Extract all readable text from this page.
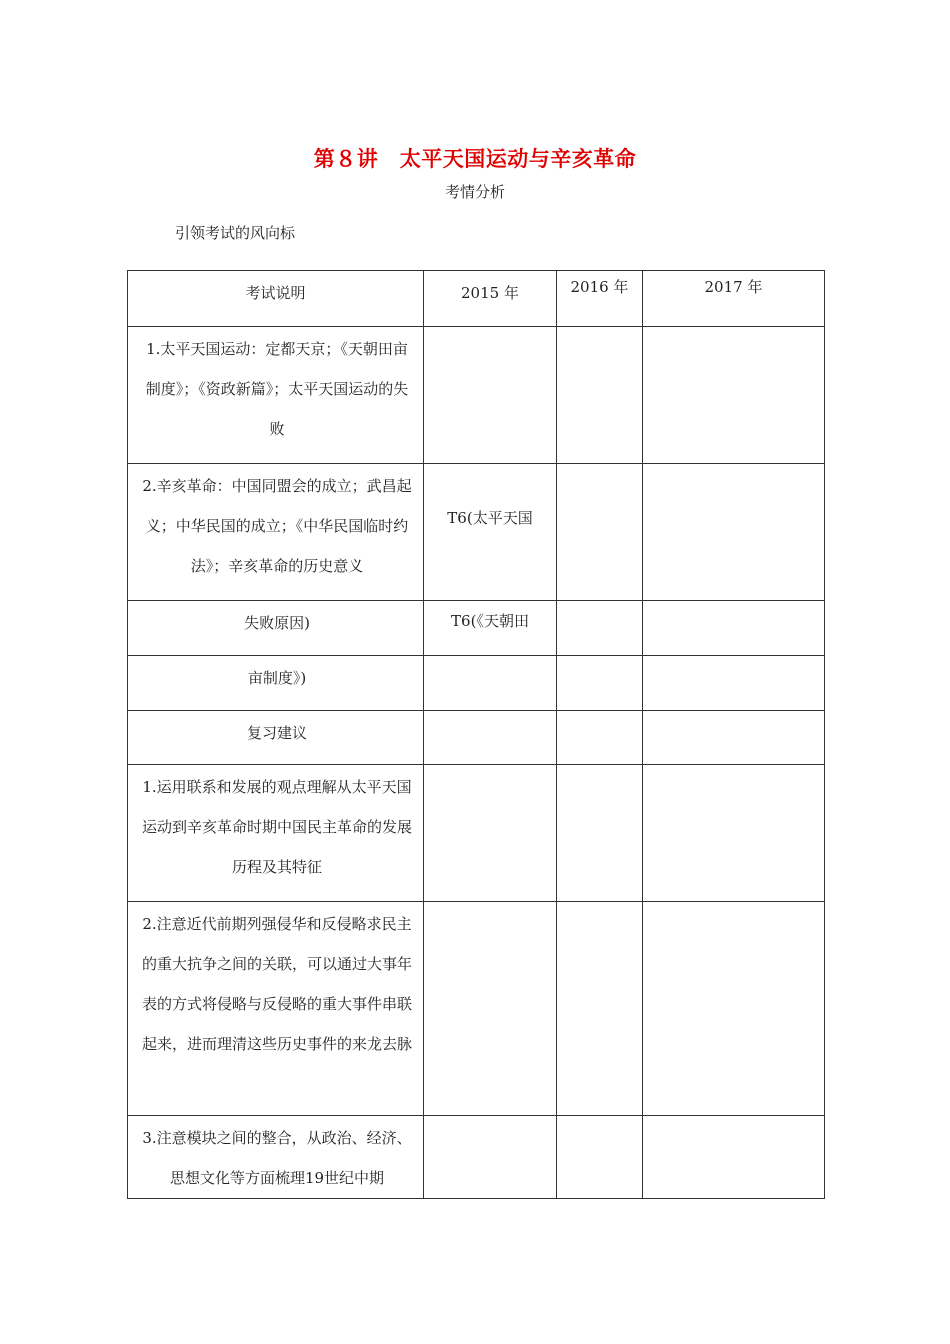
第８讲　太平天国运动与辛亥革命
考情分析
引领考试的风向标
考试说明	2015 年	2016 年	2017 年

1.太平天国运动：定都天京；《天朝田亩制度》；《资政新篇》；太平天国运动的失败			

2.辛亥革命：中国同盟会的成立；武昌起义；中华民国的成立；《中华民国临时约法》；辛亥革命的历史意义	T6(太平天国		

失败原因)	T6(《天朝田		

亩制度》)			

复习建议			

1.运用联系和发展的观点理解从太平天国运动到辛亥革命时期中国民主革命的发展历程及其特征			

2.注意近代前期列强侵华和反侵略求民主的重大抗争之间的关联，可以通过大事年表的方式将侵略与反侵略的重大事件串联起来，进而理清这些历史事件的来龙去脉			

3.注意模块之间的整合，从政治、经济、思想文化等方面梳理19世纪中期			
